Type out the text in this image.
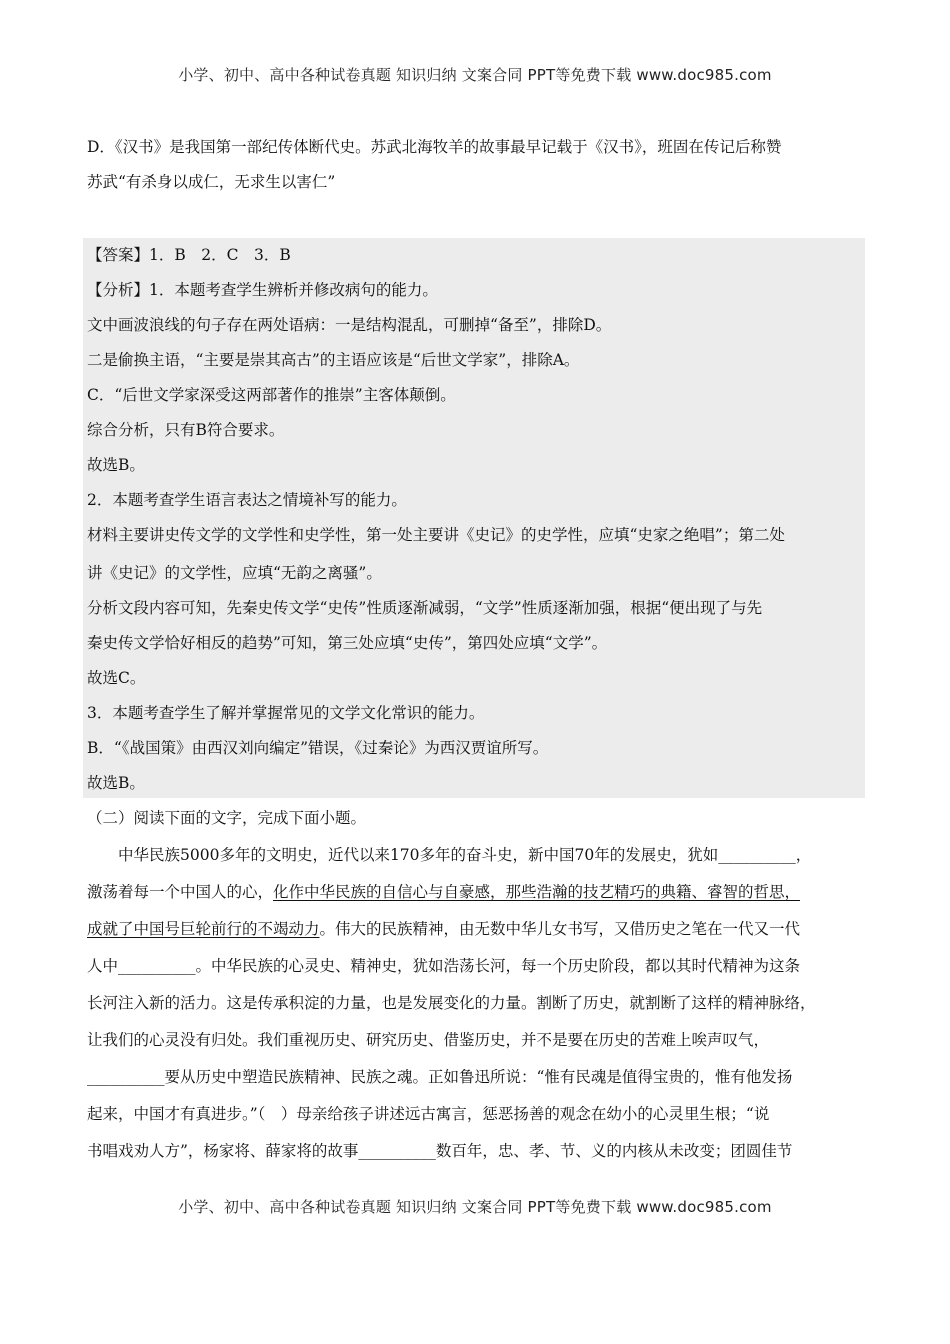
小学、初中、高中各种试卷真题 知识归纳 文案合同 PPT等免费下载 www.doc985.com
D．《汉书》是我国第一部纪传体断代史。苏武北海牧羊的故事最早记载于《汉书》，班固在传记后称赞
苏武“有杀身以成仁，无求生以害仁”
【答案】1．B　2．C　3．B
【分析】1．本题考查学生辨析并修改病句的能力。
文中画波浪线的句子存在两处语病：一是结构混乱，可删掉“备至”，排除D。
二是偷换主语，“主要是崇其高古”的主语应该是“后世文学家”，排除A。
C．“后世文学家深受这两部著作的推崇”主客体颠倒。
综合分析，只有B符合要求。
故选B。
2．本题考查学生语言表达之情境补写的能力。
材料主要讲史传文学的文学性和史学性，第一处主要讲《史记》的史学性，应填“史家之绝唱”；第二处
讲《史记》的文学性，应填“无韵之离骚”。
分析文段内容可知，先秦史传文学“史传”性质逐渐减弱，“文学”性质逐渐加强，根据“便出现了与先
秦史传文学恰好相反的趋势”可知，第三处应填“史传”，第四处应填“文学”。
故选C。
3．本题考查学生了解并掌握常见的文学文化常识的能力。
B．“《战国策》由西汉刘向编定”错误，《过秦论》为西汉贾谊所写。
故选B。
（二）阅读下面的文字，完成下面小题。
　　中华民族5000多年的文明史，近代以来170多年的奋斗史，新中国70年的发展史，犹如__________，
激荡着每一个中国人的心，化作中华民族的自信心与自豪感，那些浩瀚的技艺精巧的典籍、睿智的哲思，
成就了中国号巨轮前行的不竭动力。伟大的民族精神，由无数中华儿女书写，又借历史之笔在一代又一代
人中__________。中华民族的心灵史、精神史，犹如浩荡长河，每一个历史阶段，都以其时代精神为这条
长河注入新的活力。这是传承积淀的力量，也是发展变化的力量。割断了历史，就割断了这样的精神脉络，
让我们的心灵没有归处。我们重视历史、研究历史、借鉴历史，并不是要在历史的苦难上唉声叹气，
__________要从历史中塑造民族精神、民族之魂。正如鲁迅所说：“惟有民魂是值得宝贵的，惟有他发扬
起来，中国才有真进步。”（　）母亲给孩子讲述远古寓言，惩恶扬善的观念在幼小的心灵里生根；“说
书唱戏劝人方”，杨家将、薛家将的故事__________数百年，忠、孝、节、义的内核从未改变；团圆佳节
小学、初中、高中各种试卷真题 知识归纳 文案合同 PPT等免费下载 www.doc985.com
